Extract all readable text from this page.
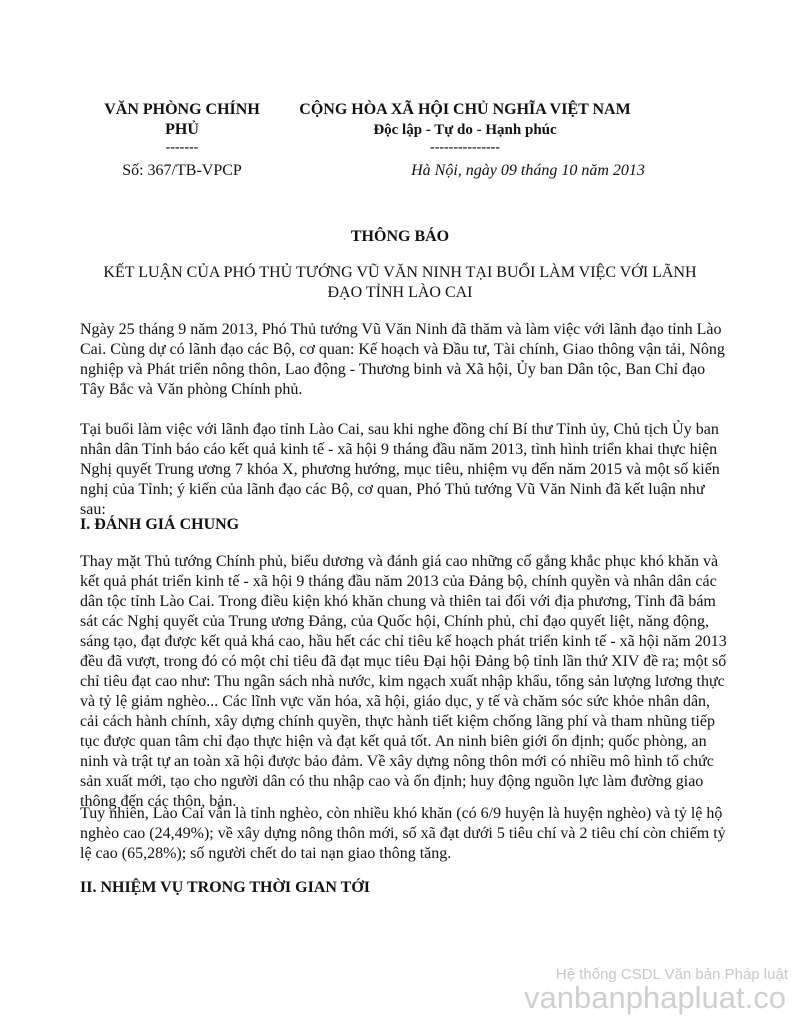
VĂN PHÒNG CHÍNH
PHỦ
-------
CỘNG HÒA XÃ HỘI CHỦ NGHĨA VIỆT NAM
Độc lập - Tự do - Hạnh phúc
---------------
Số: 367/TB-VPCP	Hà Nội, ngày 09 tháng 10 năm 2013
THÔNG BÁO
KẾT LUẬN CỦA PHÓ THỦ TƯỚNG VŨ VĂN NINH TẠI BUỔI LÀM VIỆC VỚI LÃNH ĐẠO TỈNH LÀO CAI

Ngày 25 tháng 9 năm 2013, Phó Thủ tướng Vũ Văn Ninh đã thăm và làm việc với lãnh đạo tỉnh Lào Cai. Cùng dự có lãnh đạo các Bộ, cơ quan: Kế hoạch và Đầu tư, Tài chính, Giao thông vận tải, Nông nghiệp và Phát triển nông thôn, Lao động - Thương binh và Xã hội, Ủy ban Dân tộc, Ban Chỉ đạo Tây Bắc và Văn phòng Chính phủ.

Tại buổi làm việc với lãnh đạo tỉnh Lào Cai, sau khi nghe đồng chí Bí thư Tỉnh ủy, Chủ tịch Ủy ban nhân dân Tỉnh báo cáo kết quả kinh tế - xã hội 9 tháng đầu năm 2013, tình hình triển khai thực hiện Nghị quyết Trung ương 7 khóa X, phương hướng, mục tiêu, nhiệm vụ đến năm 2015 và một số kiến nghị của Tỉnh; ý kiến của lãnh đạo các Bộ, cơ quan, Phó Thủ tướng Vũ Văn Ninh đã kết luận như sau:

I. ĐÁNH GIÁ CHUNG

Thay mặt Thủ tướng Chính phủ, biểu dương và đánh giá cao những cố gắng khắc phục khó khăn và kết quả phát triển kinh tế - xã hội 9 tháng đầu năm 2013 của Đảng bộ, chính quyền và nhân dân các dân tộc tỉnh Lào Cai. Trong điều kiện khó khăn chung và thiên tai đối với địa phương, Tỉnh đã bám sát các Nghị quyết của Trung ương Đảng, của Quốc hội, Chính phủ, chỉ đạo quyết liệt, năng động, sáng tạo, đạt được kết quả khá cao, hầu hết các chỉ tiêu kế hoạch phát triển kinh tế - xã hội năm 2013 đều đã vượt, trong đó có một chỉ tiêu đã đạt mục tiêu Đại hội Đảng bộ tỉnh lần thứ XIV đề ra; một số chỉ tiêu đạt cao như: Thu ngân sách nhà nước, kim ngạch xuất nhập khẩu, tổng sản lượng lương thực và tỷ lệ giảm nghèo... Các lĩnh vực văn hóa, xã hội, giáo dục, y tế và chăm sóc sức khỏe nhân dân, cải cách hành chính, xây dựng chính quyền, thực hành tiết kiệm chống lãng phí và tham nhũng tiếp tục được quan tâm chỉ đạo thực hiện và đạt kết quả tốt. An ninh biên giới ổn định; quốc phòng, an ninh và trật tự an toàn xã hội được bảo đảm. Về xây dựng nông thôn mới có nhiều mô hình tổ chức sản xuất mới, tạo cho người dân có thu nhập cao và ổn định; huy động nguồn lực làm đường giao thông đến các thôn, bản.

Tuy nhiên, Lào Cai vẫn là tỉnh nghèo, còn nhiều khó khăn (có 6/9 huyện là huyện nghèo) và tỷ lệ hộ nghèo cao (24,49%); về xây dựng nông thôn mới, số xã đạt dưới 5 tiêu chí và 2 tiêu chí còn chiếm tỷ lệ cao (65,28%); số người chết do tai nạn giao thông tăng.

II. NHIỆM VỤ TRONG THỜI GIAN TỚI
Hệ thống CSDL Văn bản Pháp luật
vanbanphapluat.co
